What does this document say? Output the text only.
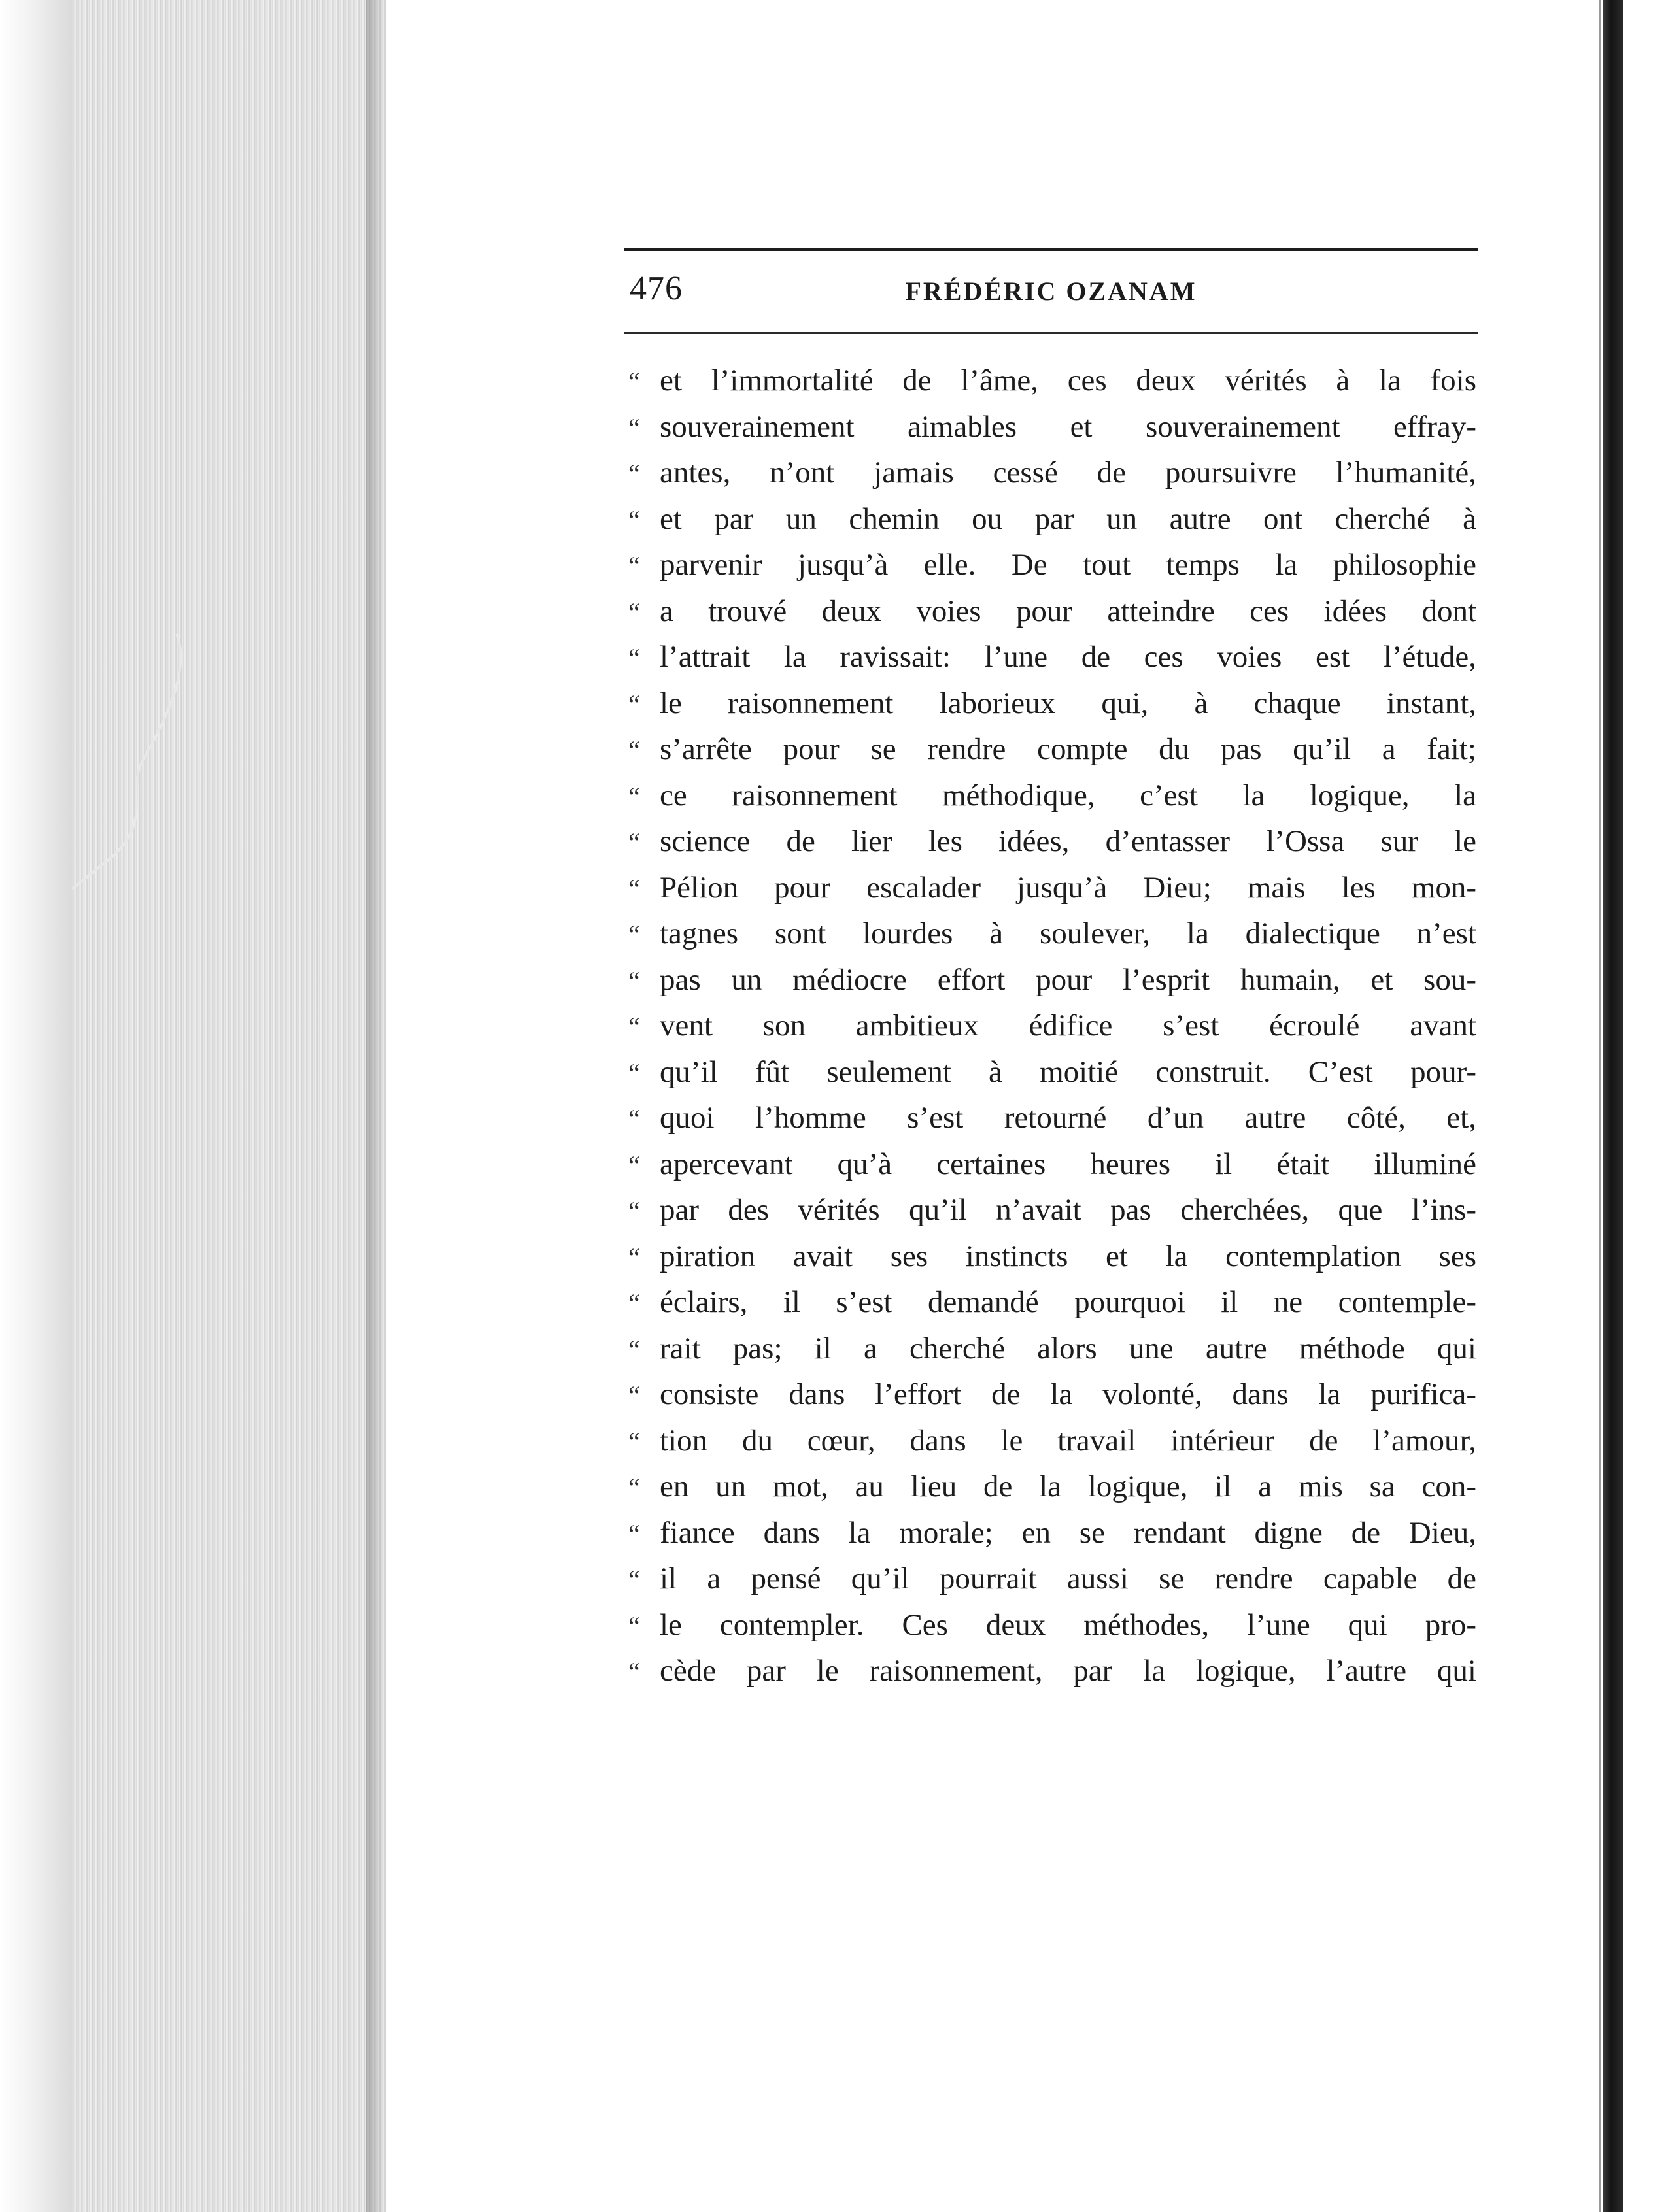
476	FRÉDÉRIC OZANAM
“ et l’immortalité de l’âme, ces deux vérités à la fois
“ souverainement aimables et souverainement effray-
“ antes, n’ont jamais cessé de poursuivre l’humanité,
“ et par un chemin ou par un autre ont cherché à
“ parvenir jusqu’à elle. De tout temps la philosophie
“ a trouvé deux voies pour atteindre ces idées dont
“ l’attrait la ravissait: l’une de ces voies est l’étude,
“ le raisonnement laborieux qui, à chaque instant,
“ s’arrête pour se rendre compte du pas qu’il a fait;
“ ce raisonnement méthodique, c’est la logique, la
“ science de lier les idées, d’entasser l’Ossa sur le
“ Pélion pour escalader jusqu’à Dieu; mais les mon-
“ tagnes sont lourdes à soulever, la dialectique n’est
“ pas un médiocre effort pour l’esprit humain, et sou-
“ vent son ambitieux édifice s’est écroulé avant
“ qu’il fût seulement à moitié construit. C’est pour-
“ quoi l’homme s’est retourné d’un autre côté, et,
“ apercevant qu’à certaines heures il était illuminé
“ par des vérités qu’il n’avait pas cherchées, que l’ins-
“ piration avait ses instincts et la contemplation ses
“ éclairs, il s’est demandé pourquoi il ne contemple-
“ rait pas; il a cherché alors une autre méthode qui
“ consiste dans l’effort de la volonté, dans la purifica-
“ tion du cœur, dans le travail intérieur de l’amour,
“ en un mot, au lieu de la logique, il a mis sa con-
“ fiance dans la morale; en se rendant digne de Dieu,
“ il a pensé qu’il pourrait aussi se rendre capable de
“ le contempler. Ces deux méthodes, l’une qui pro-
“ cède par le raisonnement, par la logique, l’autre qui
